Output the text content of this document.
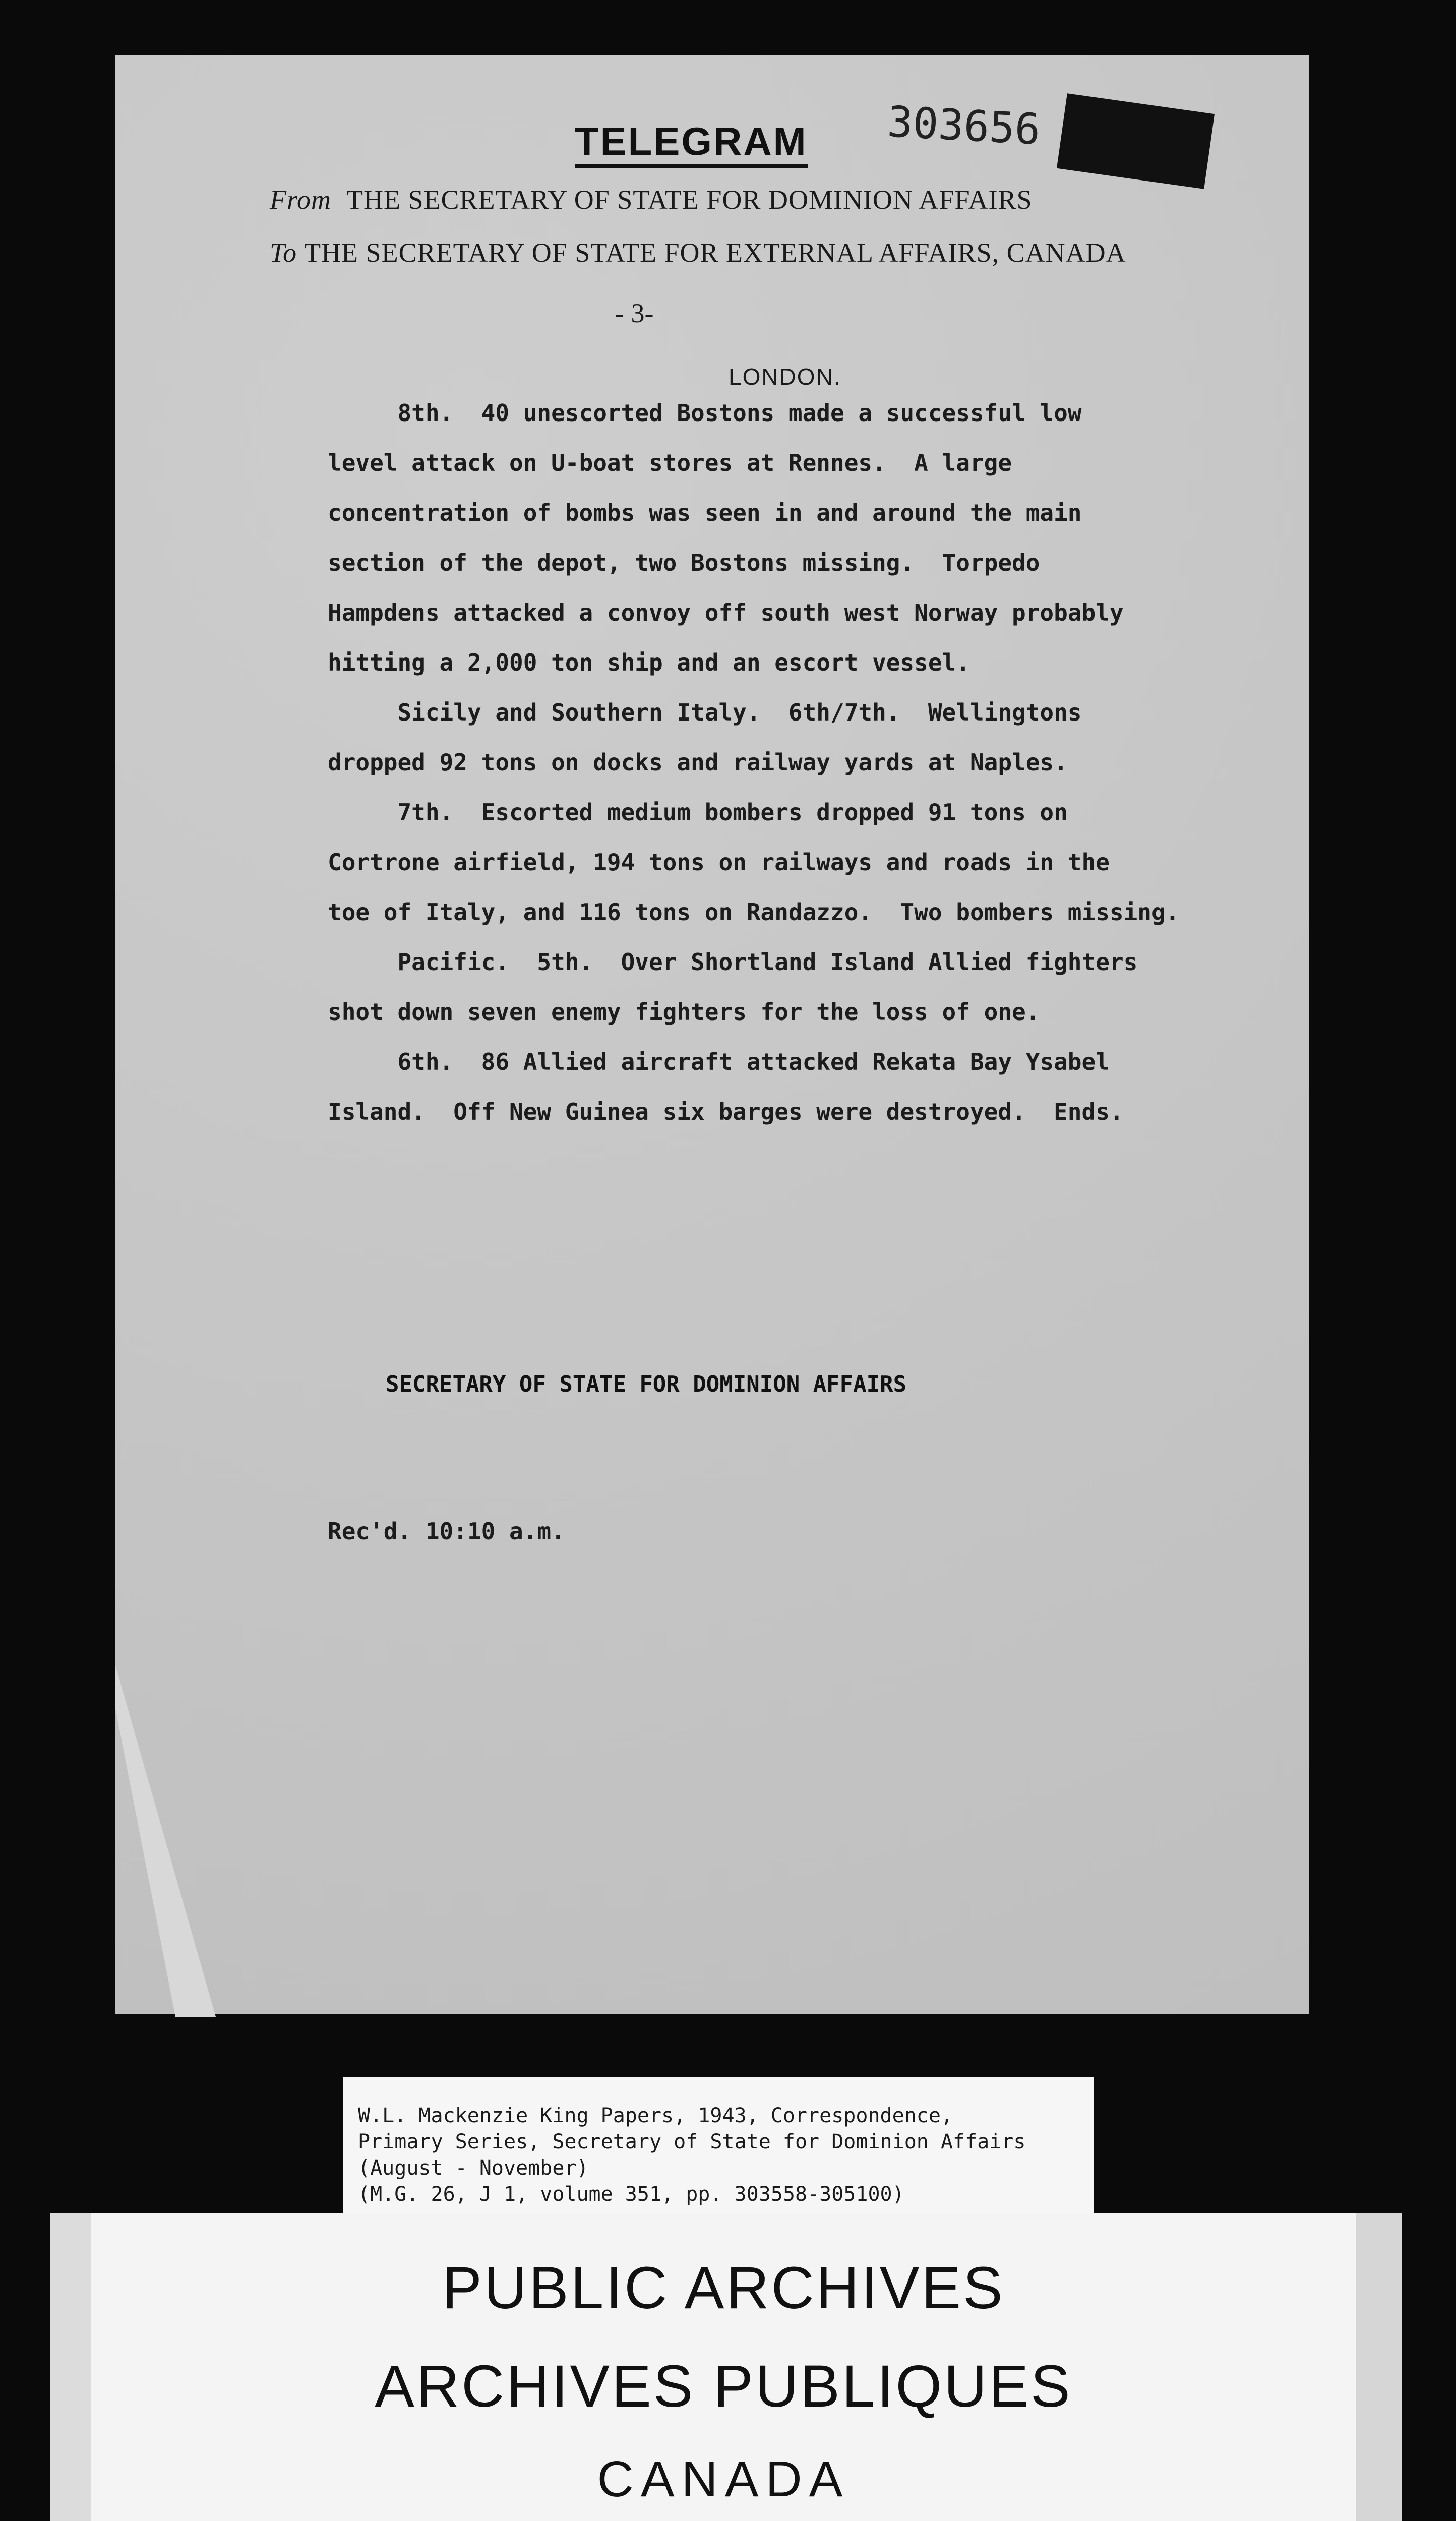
TELEGRAM 303656
From THE SECRETARY OF STATE FOR DOMINION AFFAIRS
To THE SECRETARY OF STATE FOR EXTERNAL AFFAIRS, CANADA
- 3-
LONDON.
8th.  40 unescorted Bostons made a successful low
level attack on U-boat stores at Rennes.  A large
concentration of bombs was seen in and around the main
section of the depot, two Bostons missing.  Torpedo
Hampdens attacked a convoy off south west Norway probably
hitting a 2,000 ton ship and an escort vessel.
Sicily and Southern Italy.  6th/7th.  Wellingtons
dropped 92 tons on docks and railway yards at Naples.
7th.  Escorted medium bombers dropped 91 tons on
Cortrone airfield, 194 tons on railways and roads in the
toe of Italy, and 116 tons on Randazzo.  Two bombers missing.
Pacific.  5th.  Over Shortland Island Allied fighters
shot down seven enemy fighters for the loss of one.
6th.  86 Allied aircraft attacked Rekata Bay Ysabel
Island.  Off New Guinea six barges were destroyed.  Ends.
SECRETARY OF STATE FOR DOMINION AFFAIRS
Rec'd. 10:10 a.m.
W.L. Mackenzie King Papers, 1943, Correspondence,
Primary Series, Secretary of State for Dominion Affairs
(August - November)
(M.G. 26, J 1, volume 351, pp. 303558-305100)
PUBLIC ARCHIVES
ARCHIVES PUBLIQUES
CANADA
